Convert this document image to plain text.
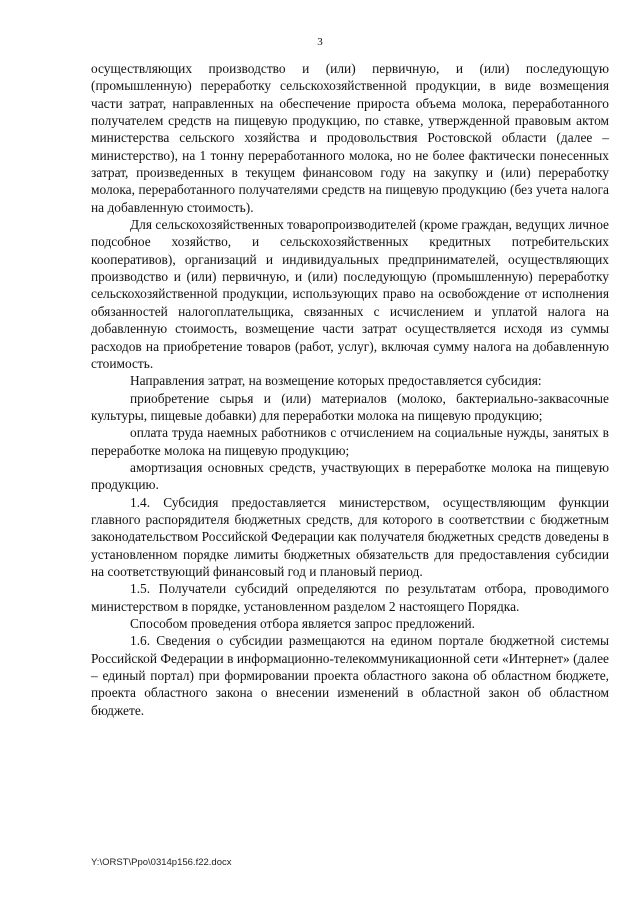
3

осуществляющих производство и (или) первичную, и (или) последующую (промышленную) переработку сельскохозяйственной продукции, в виде возмещения части затрат, направленных на обеспечение прироста объема молока, переработанного получателем средств на пищевую продукцию, по ставке, утвержденной правовым актом министерства сельского хозяйства и продовольствия Ростовской области (далее – министерство), на 1 тонну переработанного молока, но не более фактически понесенных затрат, произведенных в текущем финансовом году на закупку и (или) переработку молока, переработанного получателями средств на пищевую продукцию (без учета налога на добавленную стоимость).

Для сельскохозяйственных товаропроизводителей (кроме граждан, ведущих личное подсобное хозяйство, и сельскохозяйственных кредитных потребительских кооперативов), организаций и индивидуальных предпринимателей, осуществляющих производство и (или) первичную, и (или) последующую (промышленную) переработку сельскохозяйственной продукции, использующих право на освобождение от исполнения обязанностей налогоплательщика, связанных с исчислением и уплатой налога на добавленную стоимость, возмещение части затрат осуществляется исходя из суммы расходов на приобретение товаров (работ, услуг), включая сумму налога на добавленную стоимость.

Направления затрат, на возмещение которых предоставляется субсидия:

приобретение сырья и (или) материалов (молоко, бактериально-заквасочные культуры, пищевые добавки) для переработки молока на пищевую продукцию;

оплата труда наемных работников с отчислением на социальные нужды, занятых в переработке молока на пищевую продукцию;

амортизация основных средств, участвующих в переработке молока на пищевую продукцию.

1.4. Субсидия предоставляется министерством, осуществляющим функции главного распорядителя бюджетных средств, для которого в соответствии с бюджетным законодательством Российской Федерации как получателя бюджетных средств доведены в установленном порядке лимиты бюджетных обязательств для предоставления субсидии на соответствующий финансовый год и плановый период.

1.5. Получатели субсидий определяются по результатам отбора, проводимого министерством в порядке, установленном разделом 2 настоящего Порядка.

Способом проведения отбора является запрос предложений.

1.6. Сведения о субсидии размещаются на едином портале бюджетной системы Российской Федерации в информационно-телекоммуникационной сети «Интернет» (далее – единый портал) при формировании проекта областного закона об областном бюджете, проекта областного закона о внесении изменений в областной закон об областном бюджете.

Y:\ORST\Ppo\0314p156.f22.docx
